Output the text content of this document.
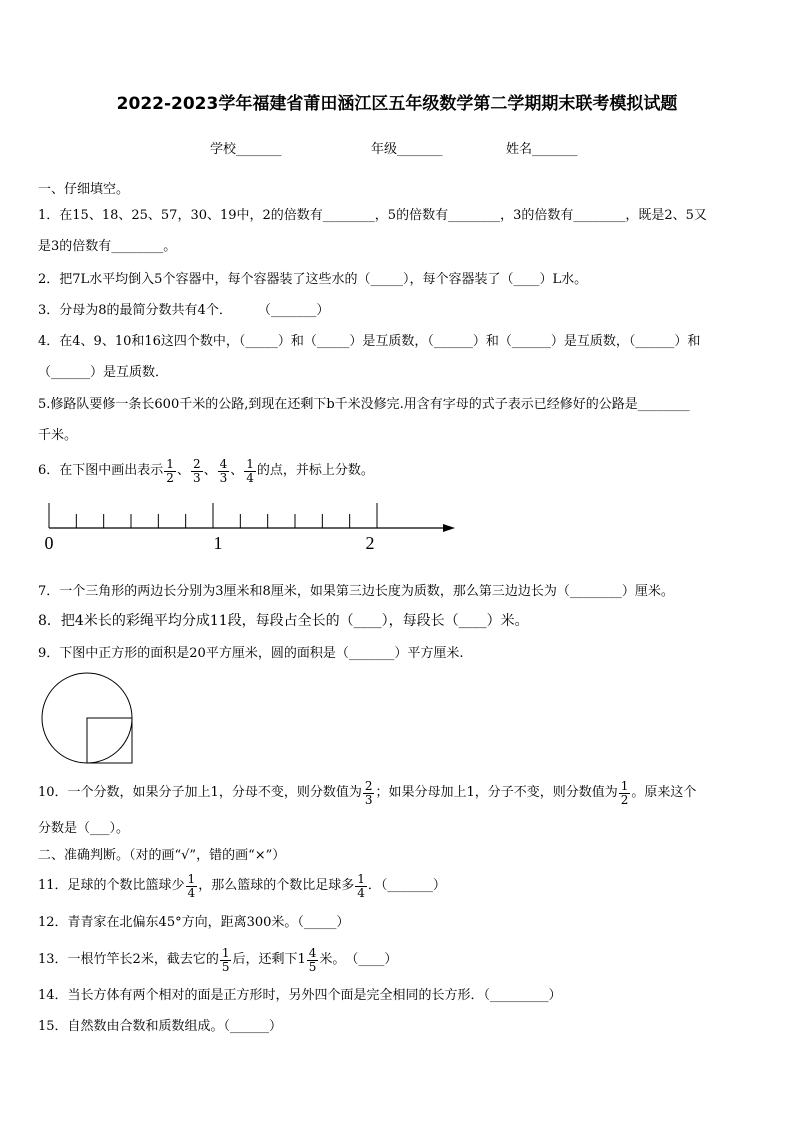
2022-2023学年福建省莆田涵江区五年级数学第二学期期末联考模拟试题
学校_______	年级_______	姓名_______
一、仔细填空。
1．在15、18、25、57，30、19中，2的倍数有________，5的倍数有________，3的倍数有________，既是2、5又
是3的倍数有________。
2．把7L水平均倒入5个容器中，每个容器装了这些水的（_____），每个容器装了（____）L水。
3．分母为8的最简分数共有4个．　　　（_______）
4．在4、9、10和16这四个数中，（_____）和（_____）是互质数，（______）和（______）是互质数，（______）和
（______）是互质数．
5.修路队要修一条长600千米的公路,到现在还剩下b千米没修完.用含有字母的式子表示已经修好的公路是________
千米。
6．在下图中画出表示 $\frac{1}{2}$ 、 $\frac{2}{3}$ 、 $\frac{4}{3}$ 、 $\frac{1}{4}$ 的点，并标上分数。
0	1	2
7．一个三角形的两边长分别为3厘米和8厘米，如果第三边长度为质数，那么第三边边长为（________）厘米。
8．把4米长的彩绳平均分成11段，每段占全长的（____），每段长（____）米。
9．下图中正方形的面积是20平方厘米，圆的面积是（_______）平方厘米.
10．一个分数，如果分子加上1，分母不变，则分数值为 $\frac{2}{3}$ ；如果分母加上1，分子不变，则分数值为 $\frac{1}{2}$ 。原来这个
分数是（___）。
二、准确判断。（对的画“√”，错的画“×”）
11．足球的个数比篮球少 $\frac{1}{4}$ ，那么篮球的个数比足球多 $\frac{1}{4}$ ．（_______）
12．青青家在北偏东45°方向，距离300米。（_____）
13．一根竹竿长2米，截去它的 $\frac{1}{5}$ 后，还剩下$1 \frac{4}{5}$ 米。　（____）
14．当长方体有两个相对的面是正方形时，另外四个面是完全相同的长方形．（_________）
15．自然数由合数和质数组成。（______）
